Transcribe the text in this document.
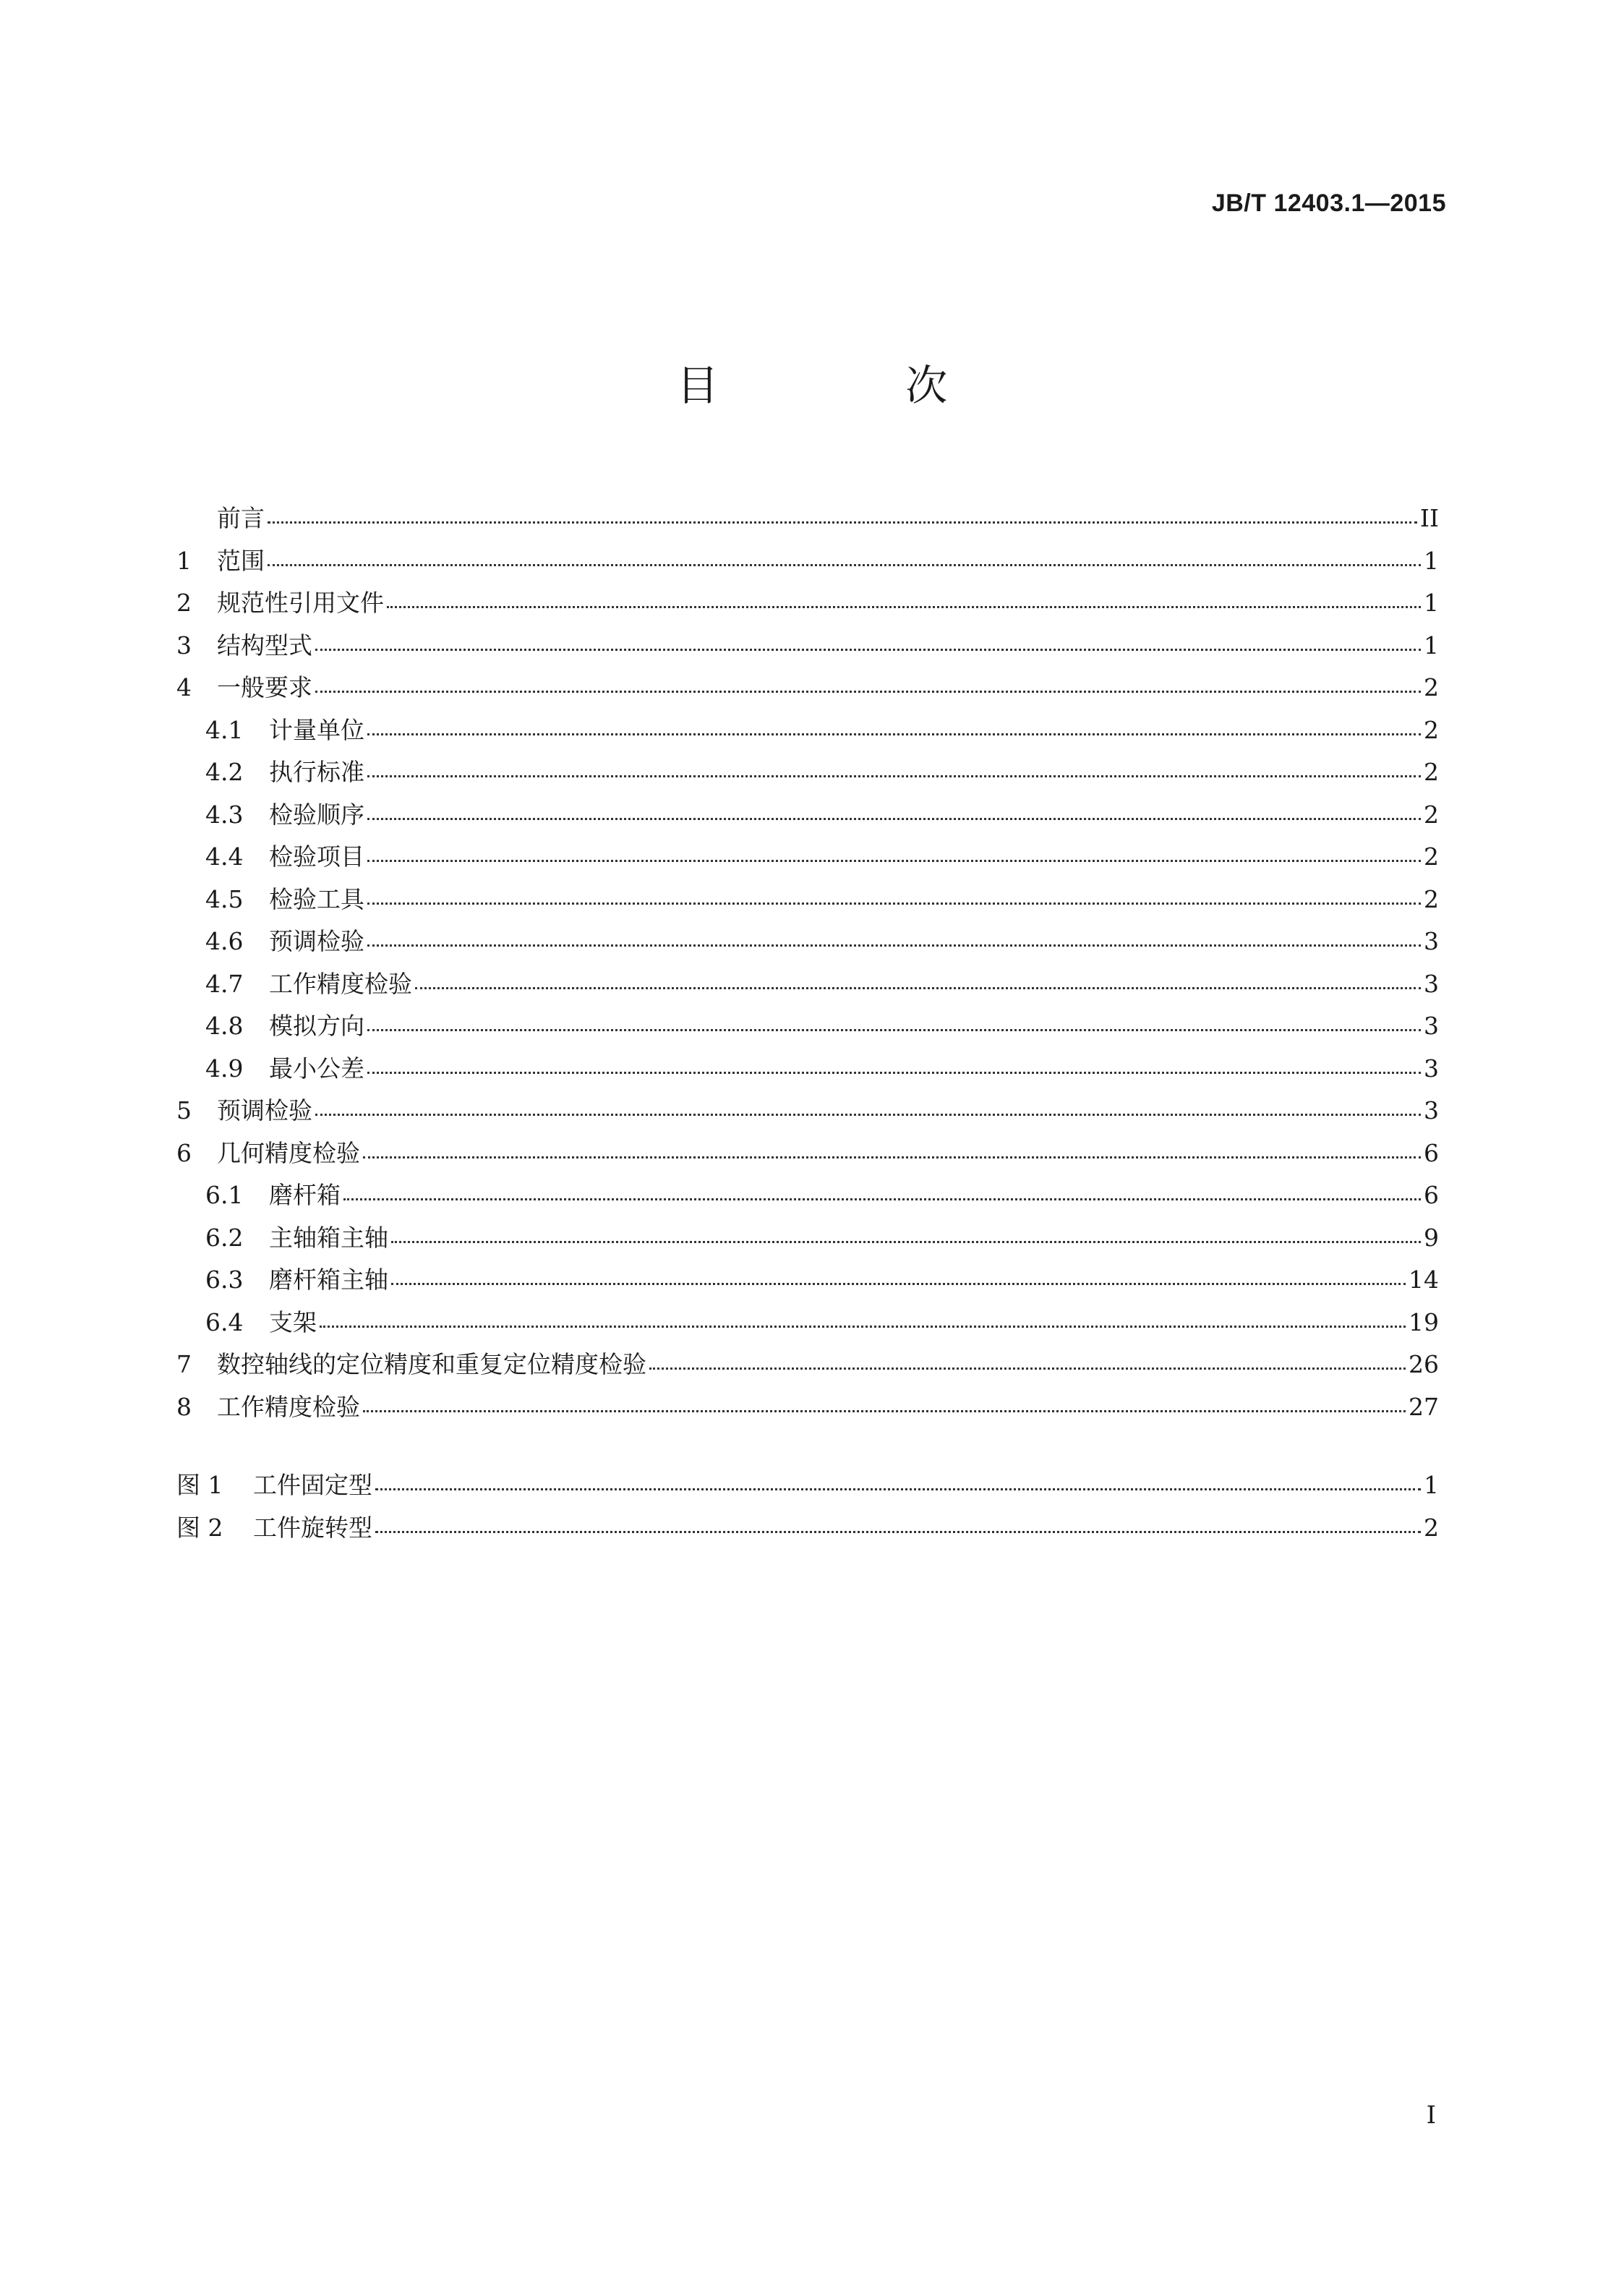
JB/T 12403.1—2015
目 次
前言	II
1	范围	1
2	规范性引用文件	1
3	结构型式	1
4	一般要求	2
4.1	计量单位	2
4.2	执行标准	2
4.3	检验顺序	2
4.4	检验项目	2
4.5	检验工具	2
4.6	预调检验	3
4.7	工作精度检验	3
4.8	模拟方向	3
4.9	最小公差	3
5	预调检验	3
6	几何精度检验	6
6.1	磨杆箱	6
6.2	主轴箱主轴	9
6.3	磨杆箱主轴	14
6.4	支架	19
7	数控轴线的定位精度和重复定位精度检验	26
8	工作精度检验	27
图 1	工件固定型	1
图 2	工件旋转型	2
I
